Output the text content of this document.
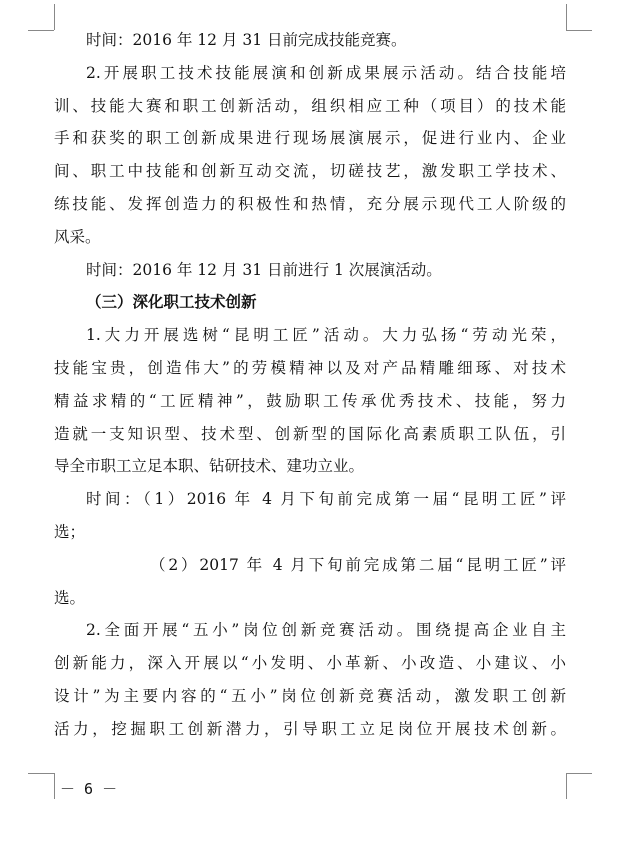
时间：2016 年 12 月 31 日前完成技能竞赛。
2.开展职工技术技能展演和创新成果展示活动。结合技能培
训、技能大赛和职工创新活动，组织相应工种（项目）的技术能
手和获奖的职工创新成果进行现场展演展示，促进行业内、企业
间、职工中技能和创新互动交流，切磋技艺，激发职工学技术、
练技能、发挥创造力的积极性和热情，充分展示现代工人阶级的
风采。
时间：2016 年 12 月 31 日前进行 1 次展演活动。
（三）深化职工技术创新
1.大力开展选树“昆明工匠”活动。大力弘扬“劳动光荣，
技能宝贵，创造伟大”的劳模精神以及对产品精雕细琢、对技术
精益求精的“工匠精神”，鼓励职工传承优秀技术、技能，努力
造就一支知识型、技术型、创新型的国际化高素质职工队伍，引
导全市职工立足本职、钻研技术、建功立业。
时间：（1）2016 年 4 月下旬前完成第一届“昆明工匠”评
选；
（2）2017 年 4 月下旬前完成第二届“昆明工匠”评
选。
2.全面开展“五小”岗位创新竞赛活动。围绕提高企业自主
创新能力，深入开展以“小发明、小革新、小改造、小建议、小
设计”为主要内容的“五小”岗位创新竞赛活动，激发职工创新
活力，挖掘职工创新潜力，引导职工立足岗位开展技术创新。
－ 6 －
